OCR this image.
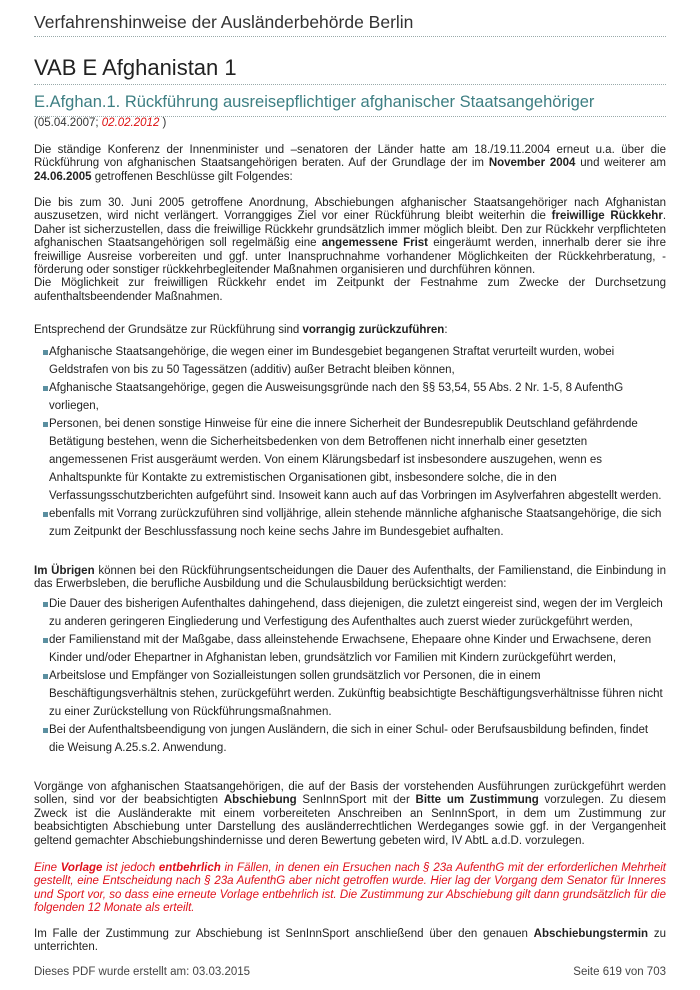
Verfahrenshinweise der Ausländerbehörde Berlin
VAB E Afghanistan 1
E.Afghan.1. Rückführung ausreisepflichtiger afghanischer Staatsangehöriger
(05.04.2007; 02.02.2012 )
Die ständige Konferenz der Innenminister und –senatoren der Länder hatte am 18./19.11.2004 erneut u.a. über die Rückführung von afghanischen Staatsangehörigen beraten. Auf der Grundlage der im November 2004 und weiterer am 24.06.2005 getroffenen Beschlüsse gilt Folgendes:
Die bis zum 30. Juni 2005 getroffene Anordnung, Abschiebungen afghanischer Staatsangehöriger nach Afghanistan auszusetzen, wird nicht verlängert. Vorranggiges Ziel vor einer Rückführung bleibt weiterhin die freiwillige Rückkehr. Daher ist sicherzustellen, dass die freiwillige Rückkehr grundsätzlich immer möglich bleibt. Den zur Rückkehr verpflichteten afghanischen Staatsangehörigen soll regelmäßig eine angemessene Frist eingeräumt werden, innerhalb derer sie ihre freiwillige Ausreise vorbereiten und ggf. unter Inanspruchnahme vorhandener Möglichkeiten der Rückkehrberatung, -förderung oder sonstiger rückkehrbegleitender Maßnahmen organisieren und durchführen können.
Die Möglichkeit zur freiwilligen Rückkehr endet im Zeitpunkt der Festnahme zum Zwecke der Durchsetzung aufenthaltsbeendender Maßnahmen.
Entsprechend der Grundsätze zur Rückführung sind vorrangig zurückzuführen:
Afghanische Staatsangehörige, die wegen einer im Bundesgebiet begangenen Straftat verurteilt wurden, wobei Geldstrafen von bis zu 50 Tagessätzen (additiv) außer Betracht bleiben können,
Afghanische Staatsangehörige, gegen die Ausweisungsgründe nach den §§ 53,54, 55 Abs. 2 Nr. 1-5, 8 AufenthG vorliegen,
Personen, bei denen sonstige Hinweise für eine die innere Sicherheit der Bundesrepublik Deutschland gefährdende Betätigung bestehen, wenn die Sicherheitsbedenken von dem Betroffenen nicht innerhalb einer gesetzten angemessenen Frist ausgeräumt werden. Von einem Klärungsbedarf ist insbesondere auszugehen, wenn es Anhaltspunkte für Kontakte zu extremistischen Organisationen gibt, insbesondere solche, die in den Verfassungsschutzberichten aufgeführt sind. Insoweit kann auch auf das Vorbringen im Asylverfahren abgestellt werden.
ebenfalls mit Vorrang zurückzuführen sind volljährige, allein stehende männliche afghanische Staatsangehörige, die sich zum Zeitpunkt der Beschlussfassung noch keine sechs Jahre im Bundesgebiet aufhalten.
Im Übrigen können bei den Rückführungsentscheidungen die Dauer des Aufenthalts, der Familienstand, die Einbindung in das Erwerbsleben, die berufliche Ausbildung und die Schulausbildung berücksichtigt werden:
Die Dauer des bisherigen Aufenthaltes dahingehend, dass diejenigen, die zuletzt eingereist sind, wegen der im Vergleich zu anderen geringeren Eingliederung und Verfestigung des Aufenthaltes auch zuerst wieder zurückgeführt werden,
der Familienstand mit der Maßgabe, dass alleinstehende Erwachsene, Ehepaare ohne Kinder und Erwachsene, deren Kinder und/oder Ehepartner in Afghanistan leben, grundsätzlich vor Familien mit Kindern zurückgeführt werden,
Arbeitslose und Empfänger von Sozialleistungen sollen grundsätzlich vor Personen, die in einem Beschäftigungsverhältnis stehen, zurückgeführt werden. Zukünftig beabsichtigte Beschäftigungsverhältnisse führen nicht zu einer Zurückstellung von Rückführungsmaßnahmen.
Bei der Aufenthaltsbeendigung von jungen Ausländern, die sich in einer Schul- oder Berufsausbildung befinden, findet die Weisung A.25.s.2. Anwendung.
Vorgänge von afghanischen Staatsangehörigen, die auf der Basis der vorstehenden Ausführungen zurückgeführt werden sollen, sind vor der beabsichtigten Abschiebung SenInnSport mit der Bitte um Zustimmung vorzulegen. Zu diesem Zweck ist die Ausländerakte mit einem vorbereiteten Anschreiben an SenInnSport, in dem um Zustimmung zur beabsichtigten Abschiebung unter Darstellung des ausländerrechtlichen Werdeganges sowie ggf. in der Vergangenheit geltend gemachter Abschiebungshindernisse und deren Bewertung gebeten wird, IV AbtL a.d.D. vorzulegen.
Eine Vorlage ist jedoch entbehrlich in Fällen, in denen ein Ersuchen nach § 23a AufenthG mit der erforderlichen Mehrheit gestellt, eine Entscheidung nach § 23a AufenthG aber nicht getroffen wurde. Hier lag der Vorgang dem Senator für Inneres und Sport vor, so dass eine erneute Vorlage entbehrlich ist. Die Zustimmung zur Abschiebung gilt dann grundsätzlich für die folgenden 12 Monate als erteilt.
Im Falle der Zustimmung zur Abschiebung ist SenInnSport anschließend über den genauen Abschiebungstermin zu unterrichten.
Dieses PDF wurde erstellt am: 03.03.2015	Seite 619 von 703
